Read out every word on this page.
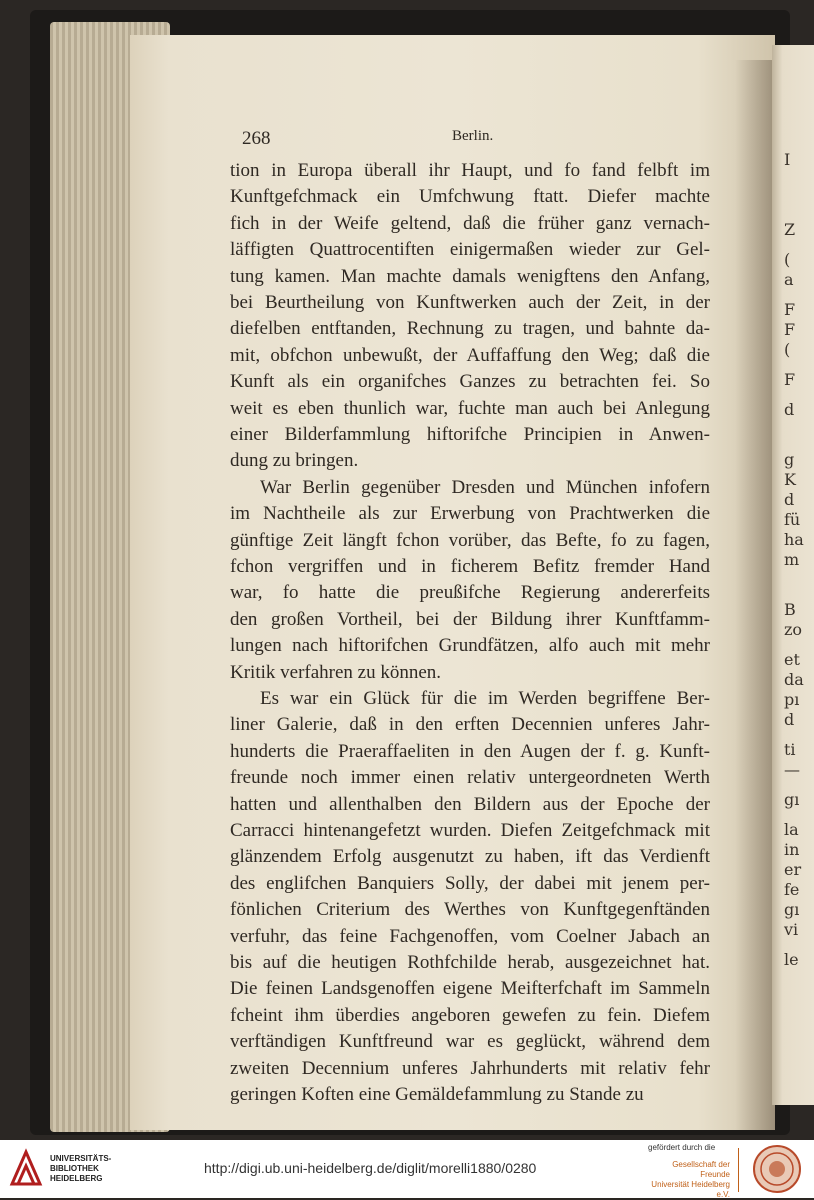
I
Z
(
a
F
F
(
F
d
g
K
d
fü
ha
m
B
zo
et
da
pı
d
ti
—
gı
la
in
er
fe
gı
vi
le
268	Berlin.
tion in Europa überall ihr Haupt, und fo fand felbft im
Kunftgefchmack ein Umfchwung ftatt. Diefer machte
fich in der Weife geltend, daß die früher ganz vernach-
läffigten Quattrocentiften einigermaßen wieder zur Gel-
tung kamen. Man machte damals wenigftens den Anfang,
bei Beurtheilung von Kunftwerken auch der Zeit, in der
diefelben entftanden, Rechnung zu tragen, und bahnte da-
mit, obfchon unbewußt, der Auffaffung den Weg; daß die
Kunft als ein organifches Ganzes zu betrachten fei. So
weit es eben thunlich war, fuchte man auch bei Anlegung
einer Bilderfammlung hiftorifche Principien in Anwen-
dung zu bringen.
War Berlin gegenüber Dresden und München infofern
im Nachtheile als zur Erwerbung von Prachtwerken die
günftige Zeit längft fchon vorüber, das Befte, fo zu fagen,
fchon vergriffen und in ficherem Befitz fremder Hand
war, fo hatte die preußifche Regierung andererfeits
den großen Vortheil, bei der Bildung ihrer Kunftfamm-
lungen nach hiftorifchen Grundfätzen, alfo auch mit mehr
Kritik verfahren zu können.
Es war ein Glück für die im Werden begriffene Ber-
liner Galerie, daß in den erften Decennien unferes Jahr-
hunderts die Praeraffaeliten in den Augen der f. g. Kunft-
freunde noch immer einen relativ untergeordneten Werth
hatten und allenthalben den Bildern aus der Epoche der
Carracci hintenangefetzt wurden. Diefen Zeitgefchmack mit
glänzendem Erfolg ausgenutzt zu haben, ift das Verdienft
des englifchen Banquiers Solly, der dabei mit jenem per-
fönlichen Criterium des Werthes von Kunftgegenftänden
verfuhr, das feine Fachgenoffen, vom Coelner Jabach an
bis auf die heutigen Rothfchilde herab, ausgezeichnet hat.
Die feinen Landsgenoffen eigene Meifterfchaft im Sammeln
fcheint ihm überdies angeboren gewefen zu fein. Diefem
verftändigen Kunftfreund war es geglückt, während dem
zweiten Decennium unferes Jahrhunderts mit relativ fehr
geringen Koften eine Gemäldefammlung zu Stande zu
UNIVERSITÄTS-
BIBLIOTHEK
HEIDELBERG
http://digi.ub.uni-heidelberg.de/diglit/morelli1880/0280
gefördert durch die
Gesellschaft der Freunde
Universität Heidelberg e.V.
